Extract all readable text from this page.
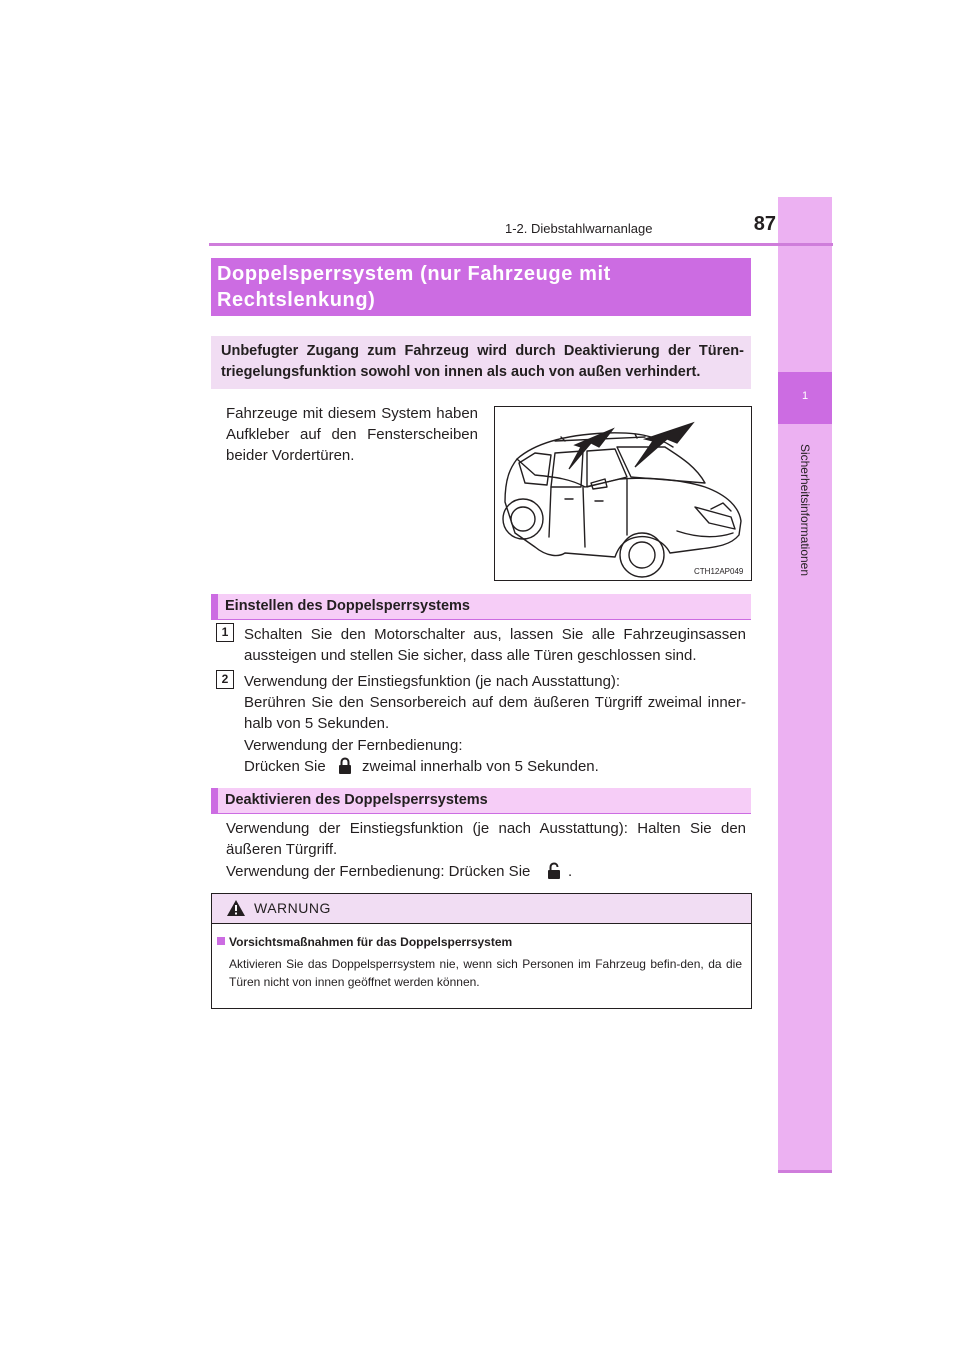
1
Sicherheitsinformationen
1-2. Diebstahlwarnanlage	87
Doppelsperrsystem (nur Fahrzeuge mit Rechtslenkung)
Unbefugter Zugang zum Fahrzeug wird durch Deaktivierung der Türen-triegelungsfunktion sowohl von innen als auch von außen verhindert.
Fahrzeuge mit diesem System haben Aufkleber auf den Fensterscheiben beider Vordertüren.
CTH12AP049
Einstellen des Doppelsperrsystems
1	Schalten Sie den Motorschalter aus, lassen Sie alle Fahrzeuginsassen aussteigen und stellen Sie sicher, dass alle Türen geschlossen sind.
2	Verwendung der Einstiegsfunktion (je nach Ausstattung):
Berühren Sie den Sensorbereich auf dem äußeren Türgriff zweimal inner-halb von 5 Sekunden.
Verwendung der Fernbedienung:
Drücken Sie zweimal innerhalb von 5 Sekunden.
Deaktivieren des Doppelsperrsystems
Verwendung der Einstiegsfunktion (je nach Ausstattung): Halten Sie den äußeren Türgriff.
Verwendung der Fernbedienung: Drücken Sie	.
WARNUNG
Vorsichtsmaßnahmen für das Doppelsperrsystem
Aktivieren Sie das Doppelsperrsystem nie, wenn sich Personen im Fahrzeug befin-den, da die Türen nicht von innen geöffnet werden können.
